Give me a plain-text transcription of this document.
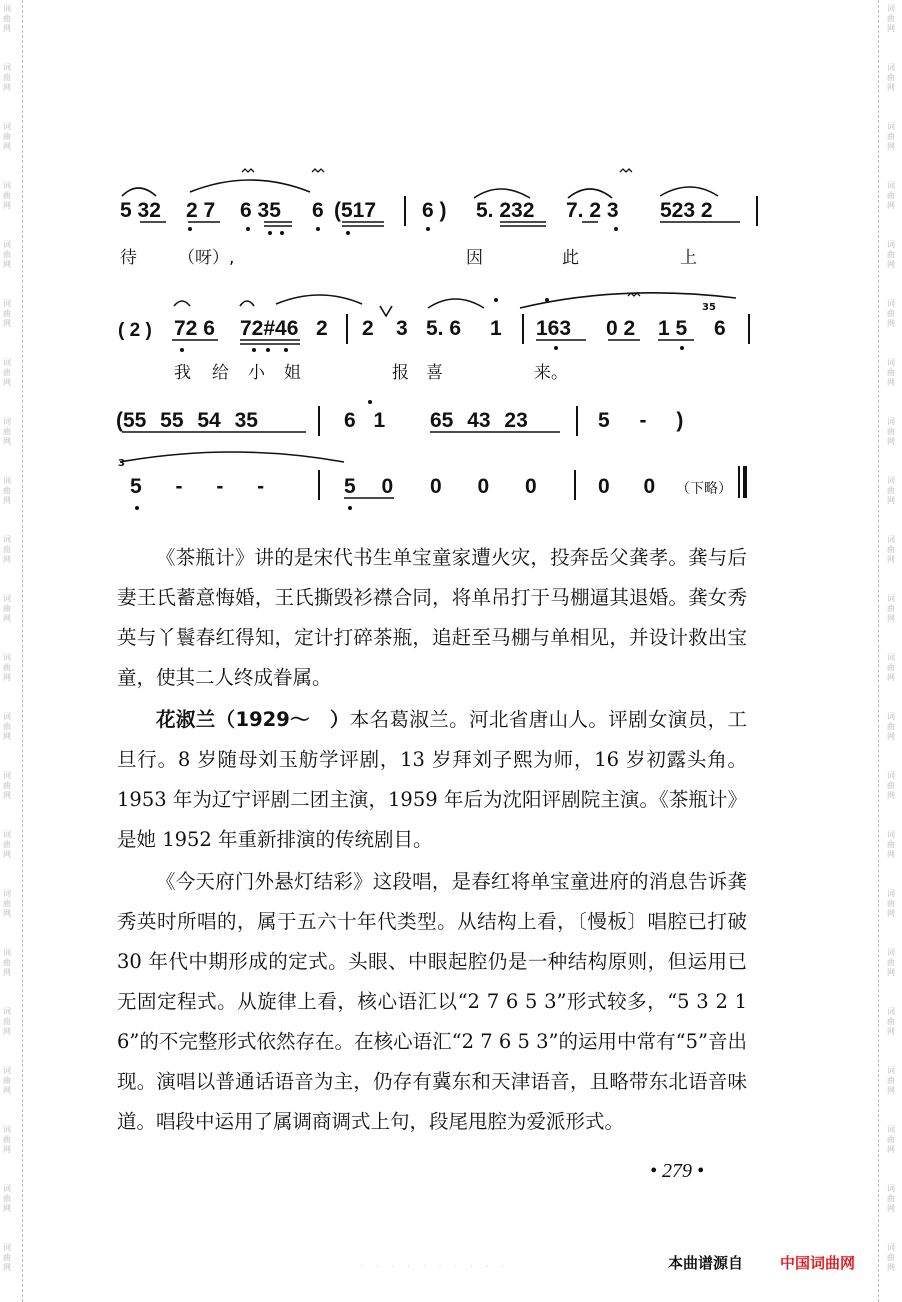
词
曲
网
词
曲
网
词
曲
网
词
曲
网
词
曲
网
词
曲
网
词
曲
网
词
曲
网
词
曲
网
词
曲
网
词
曲
网
词
曲
网
词
曲
网
词
曲
网
词
曲
网
词
曲
网
词
曲
网
词
曲
网
词
曲
网
词
曲
网
词
曲
网
词
曲
网
词
曲
网
词
曲
网
词
曲
网
词
曲
网
词
曲
网
词
曲
网
词
曲
网
词
曲
网
词
曲
网
词
曲
网
词
曲
网
词
曲
网
词
曲
网
词
曲
网
词
曲
网
词
曲
网
词
曲
网
词
曲
网
词
曲
网
词
曲
网
词
曲
网
词
曲
网
5 32 2 7 6 35 6 (517 6 ) 5. 232 7. 2 3 523 2
待 （呀）,	因	此	上
( 2 ) 72 6 72#46 2 2 3 5. 6 1 163 0 2 1 5
35
6
我 给 小 姐	报 喜	来。
(55 55 54 35	6 1 65 43 23	5 - )
3
5 - - -	5 0 0 0 0	0 0 （下略）

《茶瓶计》讲的是宋代书生单宝童家遭火灾，投奔岳父龚孝。龚与后妻王氏蓄意悔婚，王氏撕毁衫襟合同，将单吊打于马棚逼其退婚。龚女秀英与丫鬟春红得知，定计打碎茶瓶，追赶至马棚与单相见，并设计救出宝童，使其二人终成眷属。

花淑兰（1929～　）本名葛淑兰。河北省唐山人。评剧女演员，工旦行。8 岁随母刘玉舫学评剧，13 岁拜刘子熙为师，16 岁初露头角。1953 年为辽宁评剧二团主演，1959 年后为沈阳评剧院主演。《茶瓶计》是她 1952 年重新排演的传统剧目。

《今天府门外悬灯结彩》这段唱，是春红将单宝童进府的消息告诉龚秀英时所唱的，属于五六十年代类型。从结构上看，〔慢板〕唱腔已打破 30 年代中期形成的定式。头眼、中眼起腔仍是一种结构原则，但运用已无固定程式。从旋律上看，核心语汇以“2 7 6 5 3”形式较多，“5 3 2 1 6”的不完整形式依然存在。在核心语汇“2 7 6 5 3”的运用中常有“5”音出现。演唱以普通话语音为主，仍存有冀东和天津语音，且略带东北语音味道。唱段中运用了属调商调式上句，段尾甩腔为爱派形式。

• 279 •
· · · · · · · · · ·	本曲谱源自 中国词曲网
